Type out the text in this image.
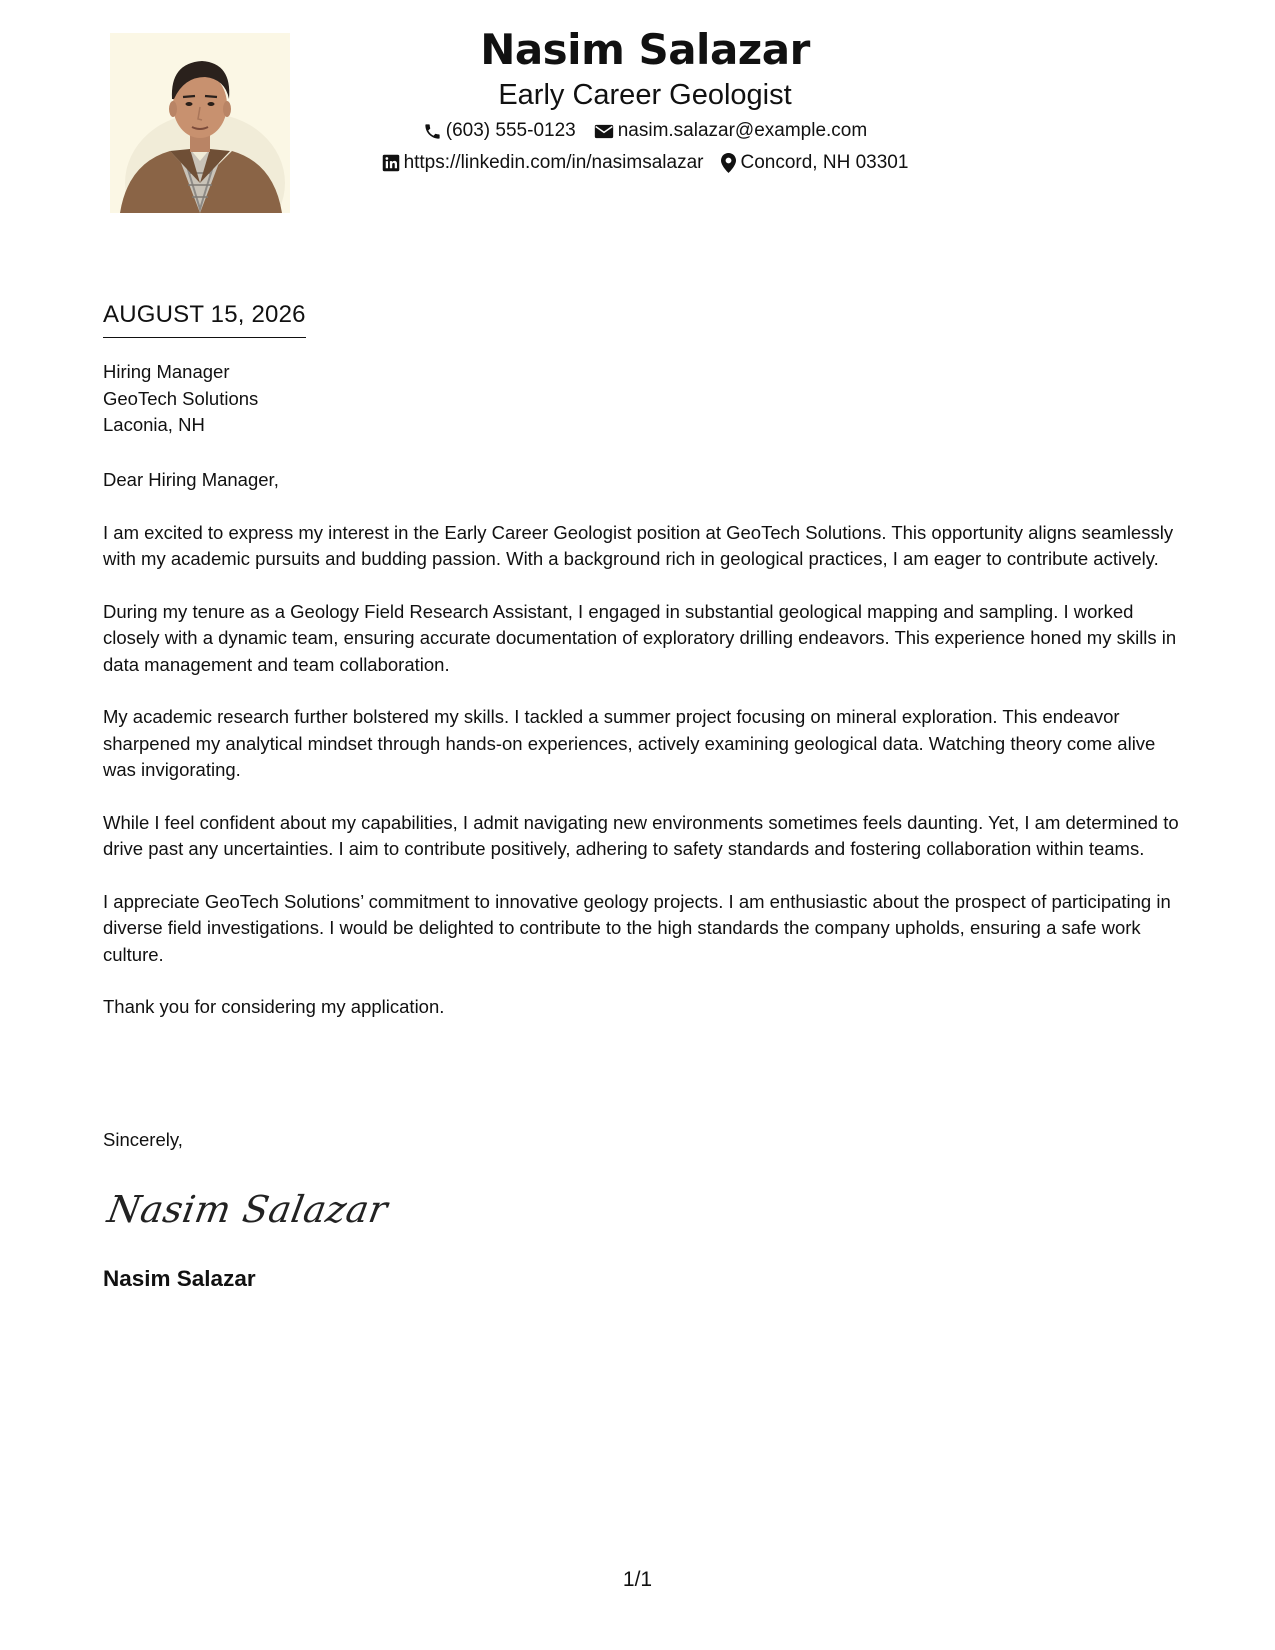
Nasim Salazar
Early Career Geologist
(603) 555-0123 nasim.salazar@example.com
https://linkedin.com/in/nasimsalazar Concord, NH 03301
AUGUST 15, 2026
Hiring Manager
GeoTech Solutions
Laconia, NH

Dear Hiring Manager,

I am excited to express my interest in the Early Career Geologist position at GeoTech Solutions. This opportunity aligns seamlessly with my academic pursuits and budding passion. With a background rich in geological practices, I am eager to contribute actively.

During my tenure as a Geology Field Research Assistant, I engaged in substantial geological mapping and sampling. I worked closely with a dynamic team, ensuring accurate documentation of exploratory drilling endeavors. This experience honed my skills in data management and team collaboration.

My academic research further bolstered my skills. I tackled a summer project focusing on mineral exploration. This endeavor sharpened my analytical mindset through hands-on experiences, actively examining geological data. Watching theory come alive was invigorating.

While I feel confident about my capabilities, I admit navigating new environments sometimes feels daunting. Yet, I am determined to drive past any uncertainties. I aim to contribute positively, adhering to safety standards and fostering collaboration within teams.

I appreciate GeoTech Solutions’ commitment to innovative geology projects. I am enthusiastic about the prospect of participating in diverse field investigations. I would be delighted to contribute to the high standards the company upholds, ensuring a safe work culture.

Thank you for considering my application.

Sincerely,
Nasim Salazar
Nasim Salazar
1/1
